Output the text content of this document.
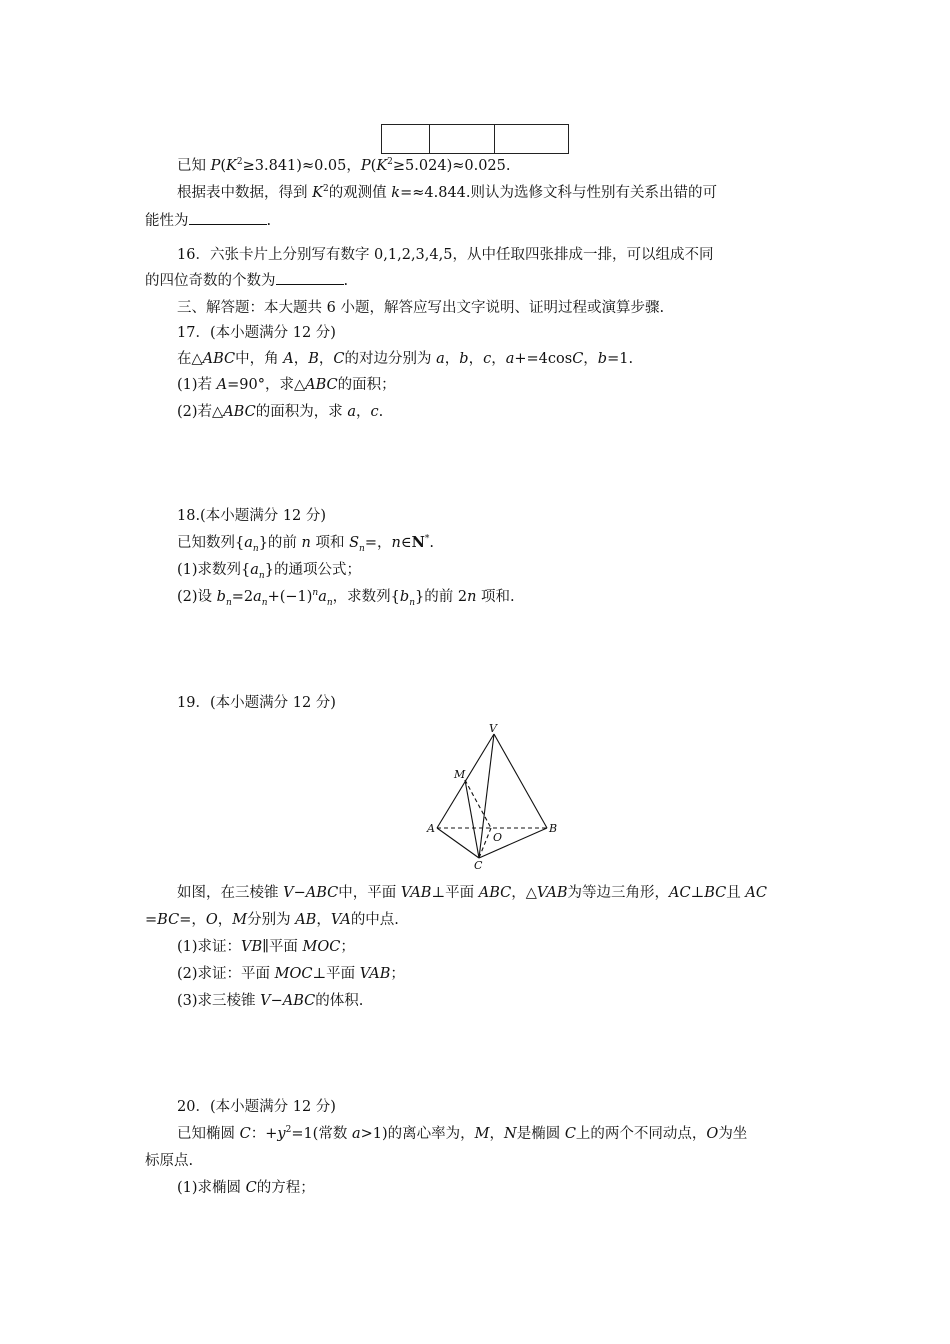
已知 $P(K^2\ge 3.841)\approx 0.05$，$P(K^2\ge 5.024)\approx 0.025$.
根据表中数据，得到 $K^2$的观测值 k=≈4.844.则认为选修文科与性别有关系出错的可
能性为	.
16．六张卡片上分别写有数字 0,1,2,3,4,5，从中任取四张排成一排，可以组成不同
的四位奇数的个数为	.
三、解答题：本大题共 6 小题，解答应写出文字说明、证明过程或演算步骤.
17．(本小题满分 12 分)
在△ABC中，角 A，B，C的对边分别为 a，b，c，a+=4cosC，b=1.
(1)若 A=90°，求△ABC的面积；
(2)若△ABC的面积为，求 a，c.
18.(本小题满分 12 分)
已知数列$\{a_n\}$的前 n 项和 $S_n=$，n∈N*.
(1)求数列$\{a_n\}$的通项公式；
(2)设 $b_n=2a_n+(-1)^na_n$，求数列$\{b_n\}$的前 2n 项和.
19．(本小题满分 12 分)
V
M
A	B
O
C
如图，在三棱锥 V−ABC中，平面 VAB⊥平面 ABC，△VAB为等边三角形，AC⊥BC且 AC
=BC=，O，M分别为 AB，VA的中点.
(1)求证：VB∥平面 MOC；
(2)求证：平面 MOC⊥平面 VAB；
(3)求三棱锥 V−ABC的体积.
20．(本小题满分 12 分)
已知椭圆 C：$+y^2=1$(常数 a>1)的离心率为，M，N是椭圆 C上的两个不同动点，O为坐
标原点.
(1)求椭圆 C的方程；
